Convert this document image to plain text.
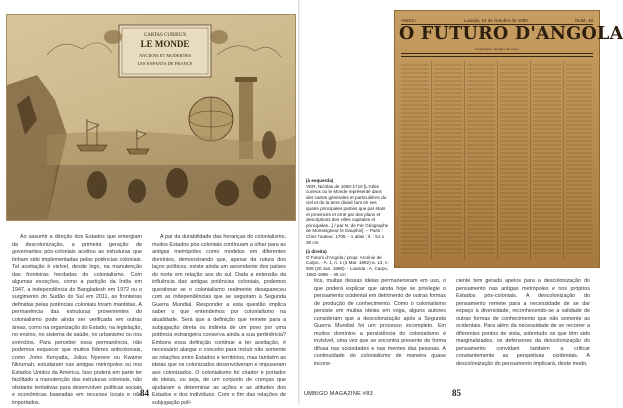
CARTAS CURIEUX
LE MONDE
ANCIENS ET MODERNES
LES ENFANTS DE FRANCE

Ao assumir a direção dos Estados que emergiam da descolonização, a primeira geração de governantes pós-coloniais aceitou as estruturas que tinham sido implementadas pelas potências coloniais. Tal aceitação é visível, desde logo, na manutenção das fronteiras herdadas do colonialismo. Com algumas exceções, como a partição da Índia em 1947, a independência do Bangladesh em 1972 ou o surgimento do Sudão do Sul em 2011, as fronteiras definidas pelas potências coloniais foram mantidas. A permanência das estruturas provenientes do colonialismo pode ainda ser verificada em outras áreas, como na organização do Estado, na legislação, no ensino, no sistema de saúde, no urbanismo ou nos exércitos. Para perceber essa permanência, não podemos esquecer que muitos líderes anticoloniais, como Jomo Kenyatta, Julius Nyerere ou Kwame Nkrumah, estudaram nas antigas metrópoles ou nos Estados Unidos da América. Isso poderá em parte ter facilitado a manutenção das estruturas coloniais, não obstante tentativas para desenvolver políticas sociais e económicas baseadas em recursos locais e não importados.

A par da durabilidade das heranças do colonialismo, muitos Estados pós-coloniais continuam a olhar para as antigas metrópoles como modelos em diferentes domínios, demonstrando que, apesar da rutura dos laços políticos, existe ainda um ascendente dos países do norte em relação aos do sul. Dada a extensão da influência das antigas potências coloniais, podemos questionar se o colonialismo realmente desapareceu com as independências que se seguiram à Segunda Guerra Mundial. Responder a esta questão implica saber o que entendemos por colonialismo na atualidade. Será que a definição que remete para a subjugação direta ou indireta de um povo por uma potência estrangeira conserva ainda a sua pertinência? Embora essa definição continue a ter aceitação, é necessário alargar o conceito para incluir não somente as relações entre Estados e territórios, mas também as ideias que os colonizados desenvolveram e impuseram aos colonizados. O colonialismo foi criador e portador de ideias, ou seja, de um conjunto de crenças que ajudaram a determinar as ações e as atitudes dos Estados e dos indivíduos. Com o fim das relações de subjugação polí-

84
ANNO I	Loanda, 16 de Outubro de 1890	NUM. 48
O FUTURO D'ANGOLA
Proprietário, Arcénio de Carpo

(à esquerda)

VER, Nicolas de 1650-1710 [L'Atlas curieux ou le Monde représenté dans des cartes générales et particulières du ciel et de la terre divisé tant en ses quatre principales parties que par états et provinces et orné par des plans et descriptions des villes capitales et principales...] / par N. de Fer Géographe de Monseigneur le Dauphin]. – Paris : Chez l'auteur, 1705. - 1 atlas ; il. : 51 x 36 cm

(à direita)

O Futuro d'Angola / propr. Arcénio de Carpo. - A. 1, n. 1 (4 Mar. 1882)-a. 13, n. 508 (20 Jan. 1896). - Loanda : A. Carpo, 1882-1896. - 45 cm

tica, muitas dessas ideias permaneceram em uso, o que poderá explicar que ainda hoje se privilegie o pensamento ocidental em detrimento de outras formas de produção de conhecimento. Como o colonialismo persiste em muitas ideias em voga, alguns autores consideram que a descolonização após a Segunda Guerra Mundial foi um processo incompleto. Em muitos domínios a persistência do colonialismo é invisível, uma vez que se encontra presente de forma difusa nas sociedades e nas mentes das pessoas. A continuidade do colonialismo de maneira quase incons-

ciente tem gerado apelos para a descolonização do pensamento nas antigas metrópoles e nos próprios Estados pós-coloniais. A descolonização do pensamento remete para a necessidade de se dar espaço à diversidade, reconhecendo-se a validade de outras formas de conhecimento que não somente as ocidentais. Para além da necessidade de se recorrer a diferentes pontos de vista, sobretudo os que têm sido marginalizados, os defensores da descolonização do pensamento convidam também a criticar constantemente as perspetivas ocidentais. A descolonização do pensamento implicará, deste modo,

UMBIGO MAGAZINE #83	85
